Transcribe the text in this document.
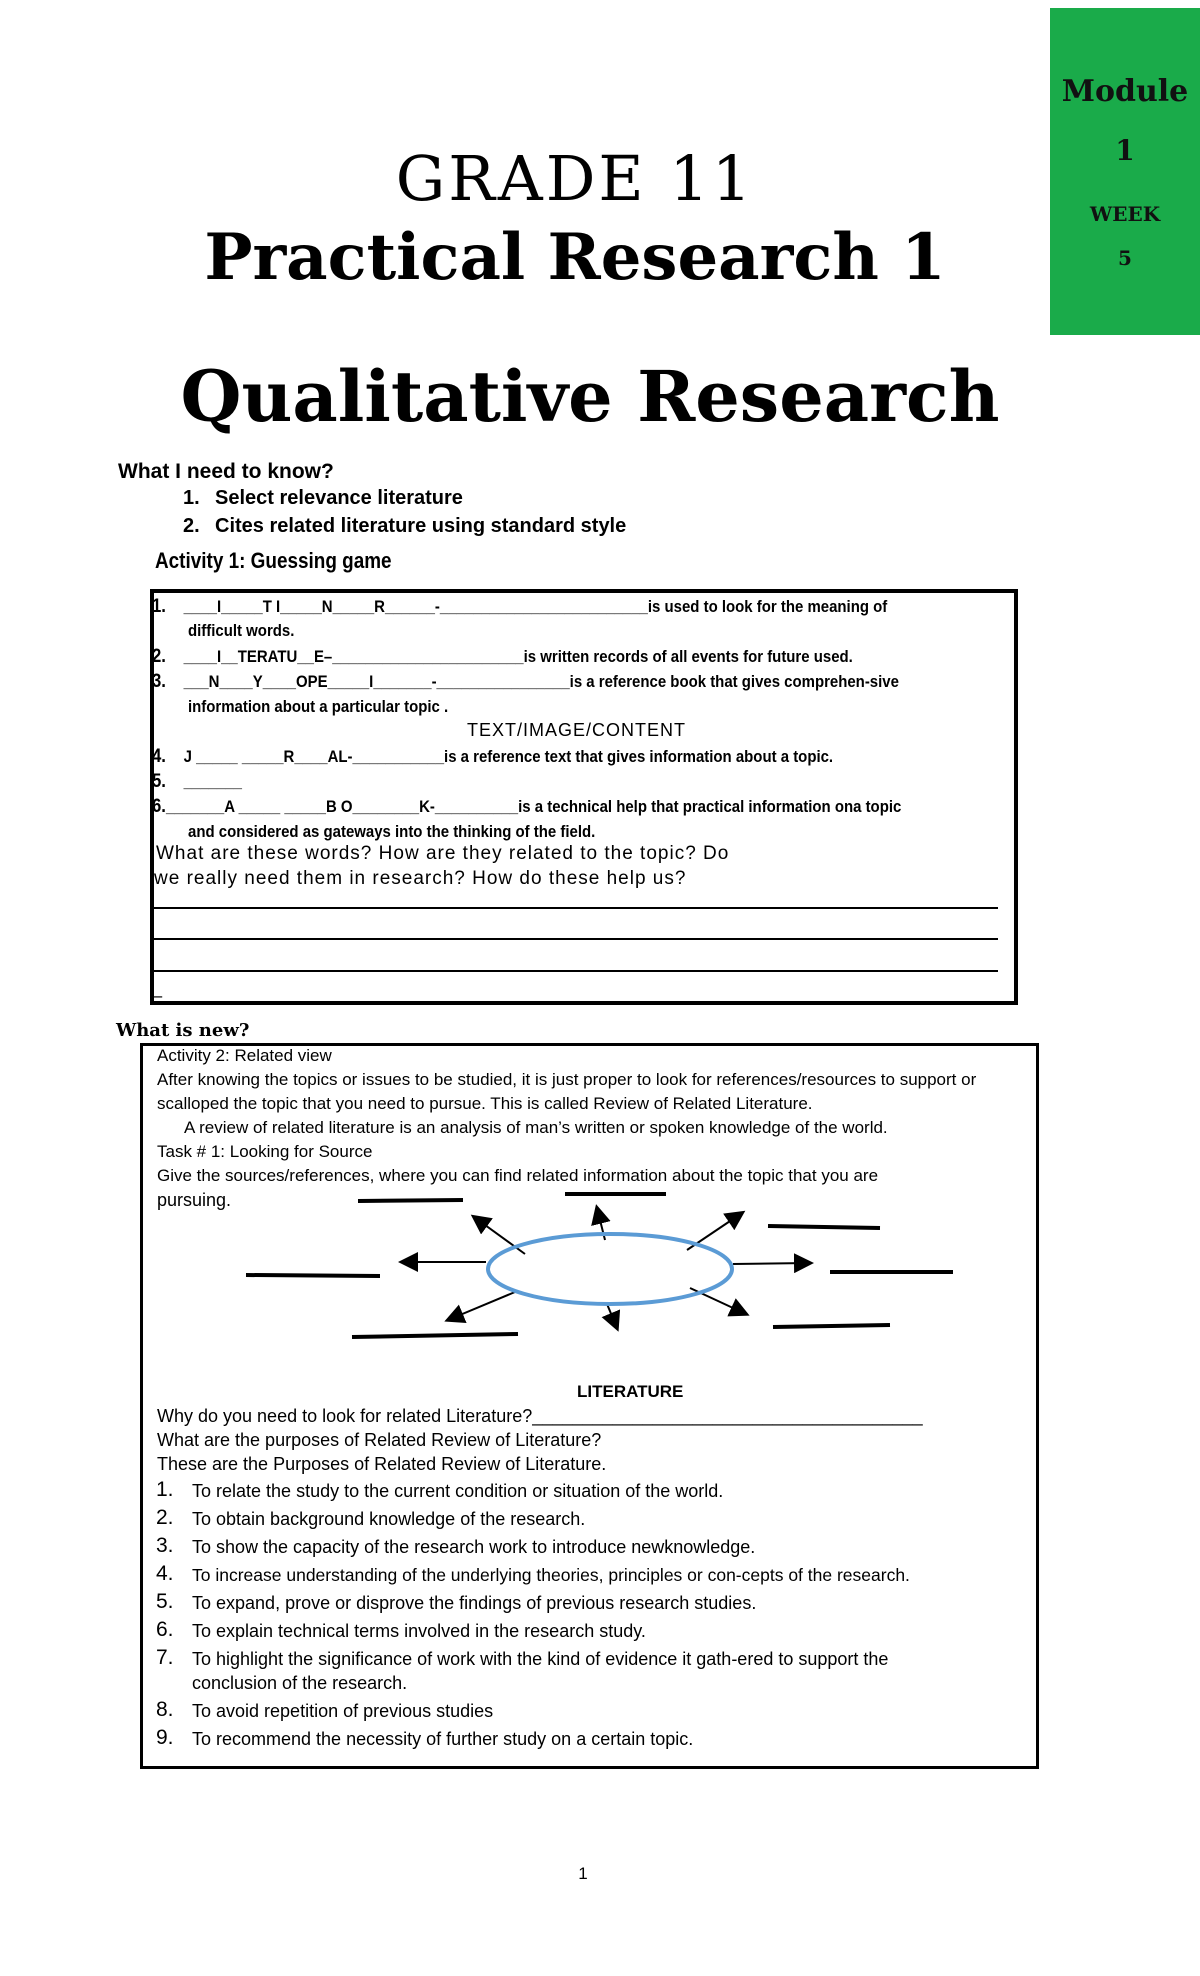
Module
1
WEEK
5
GRADE 11
Practical Research 1
Qualitative Research
What I need to know?
1. Select relevance literature
2. Cites related literature using standard style
Activity 1: Guessing game
1. ____I_____T I_____N_____R______-_________________________is used to look for the meaning of
difficult words.
2. ____I__TERATU__E–_______________________is written records of all events for future used.
3. ___N____Y____OPE_____I_______-________________is a reference book that gives comprehen-sive
information about a particular topic .
TEXT/IMAGE/CONTENT
4. J _____ _____R____AL-___________is a reference text that gives information about a topic.
5. _______
6._______A _____ _____B O________K-__________is a technical help that practical information ona topic
and considered as gateways into the thinking of the field.
What are these words? How are they related to the topic? Do
we really need them in research? How do these help us?
_
What is new?
Activity 2: Related view
After knowing the topics or issues to be studied, it is just proper to look for references/resources to support or
scalloped the topic that you need to pursue. This is called Review of Related Literature.
A review of related literature is an analysis of man’s written or spoken knowledge of the world.
Task # 1: Looking for Source
Give the sources/references, where you can find related information about the topic that you are
pursuing.
LITERATURE
Why do you need to look for related Literature?_______________________________________
What are the purposes of Related Review of Literature?
These are the Purposes of Related Review of Literature.
1. To relate the study to the current condition or situation of the world.
2. To obtain background knowledge of the research.
3. To show the capacity of the research work to introduce newknowledge.
4. To increase understanding of the underlying theories, principles or con-cepts of the research.
5. To expand, prove or disprove the findings of previous research studies.
6. To explain technical terms involved in the research study.
7. To highlight the significance of work with the kind of evidence it gath-ered to support the
conclusion of the research.
8. To avoid repetition of previous studies
9. To recommend the necessity of further study on a certain topic.
1
